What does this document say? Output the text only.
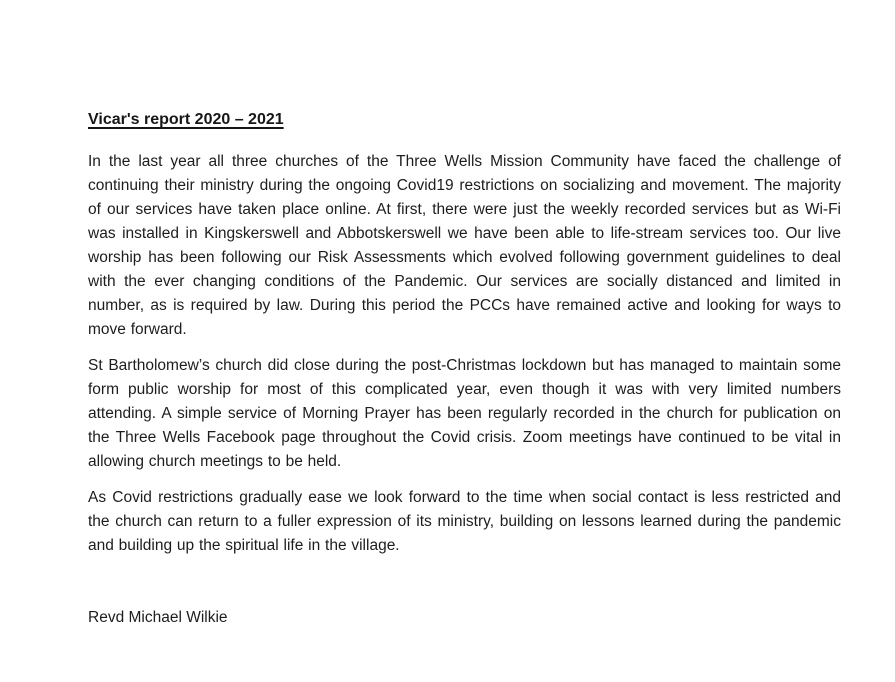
Vicar's report 2020 – 2021

In the last year all three churches of the Three Wells Mission Community have faced the challenge of continuing their ministry during the ongoing Covid19 restrictions on socializing and movement. The majority of our services have taken place online. At first, there were just the weekly recorded services but as Wi-Fi was installed in Kingskerswell and Abbotskerswell we have been able to life-stream services too. Our live worship has been following our Risk Assessments which evolved following government guidelines to deal with the ever changing conditions of the Pandemic. Our services are socially distanced and limited in number, as is required by law. During this period the PCCs have remained active and looking for ways to move forward.

St Bartholomew’s church did close during the post-Christmas lockdown but has managed to maintain some form public worship for most of this complicated year, even though it was with very limited numbers attending. A simple service of Morning Prayer has been regularly recorded in the church for publication on the Three Wells Facebook page throughout the Covid crisis. Zoom meetings have continued to be vital in allowing church meetings to be held.

As Covid restrictions gradually ease we look forward to the time when social contact is less restricted and the church can return to a fuller expression of its ministry, building on lessons learned during the pandemic and building up the spiritual life in the village.

Revd Michael Wilkie
